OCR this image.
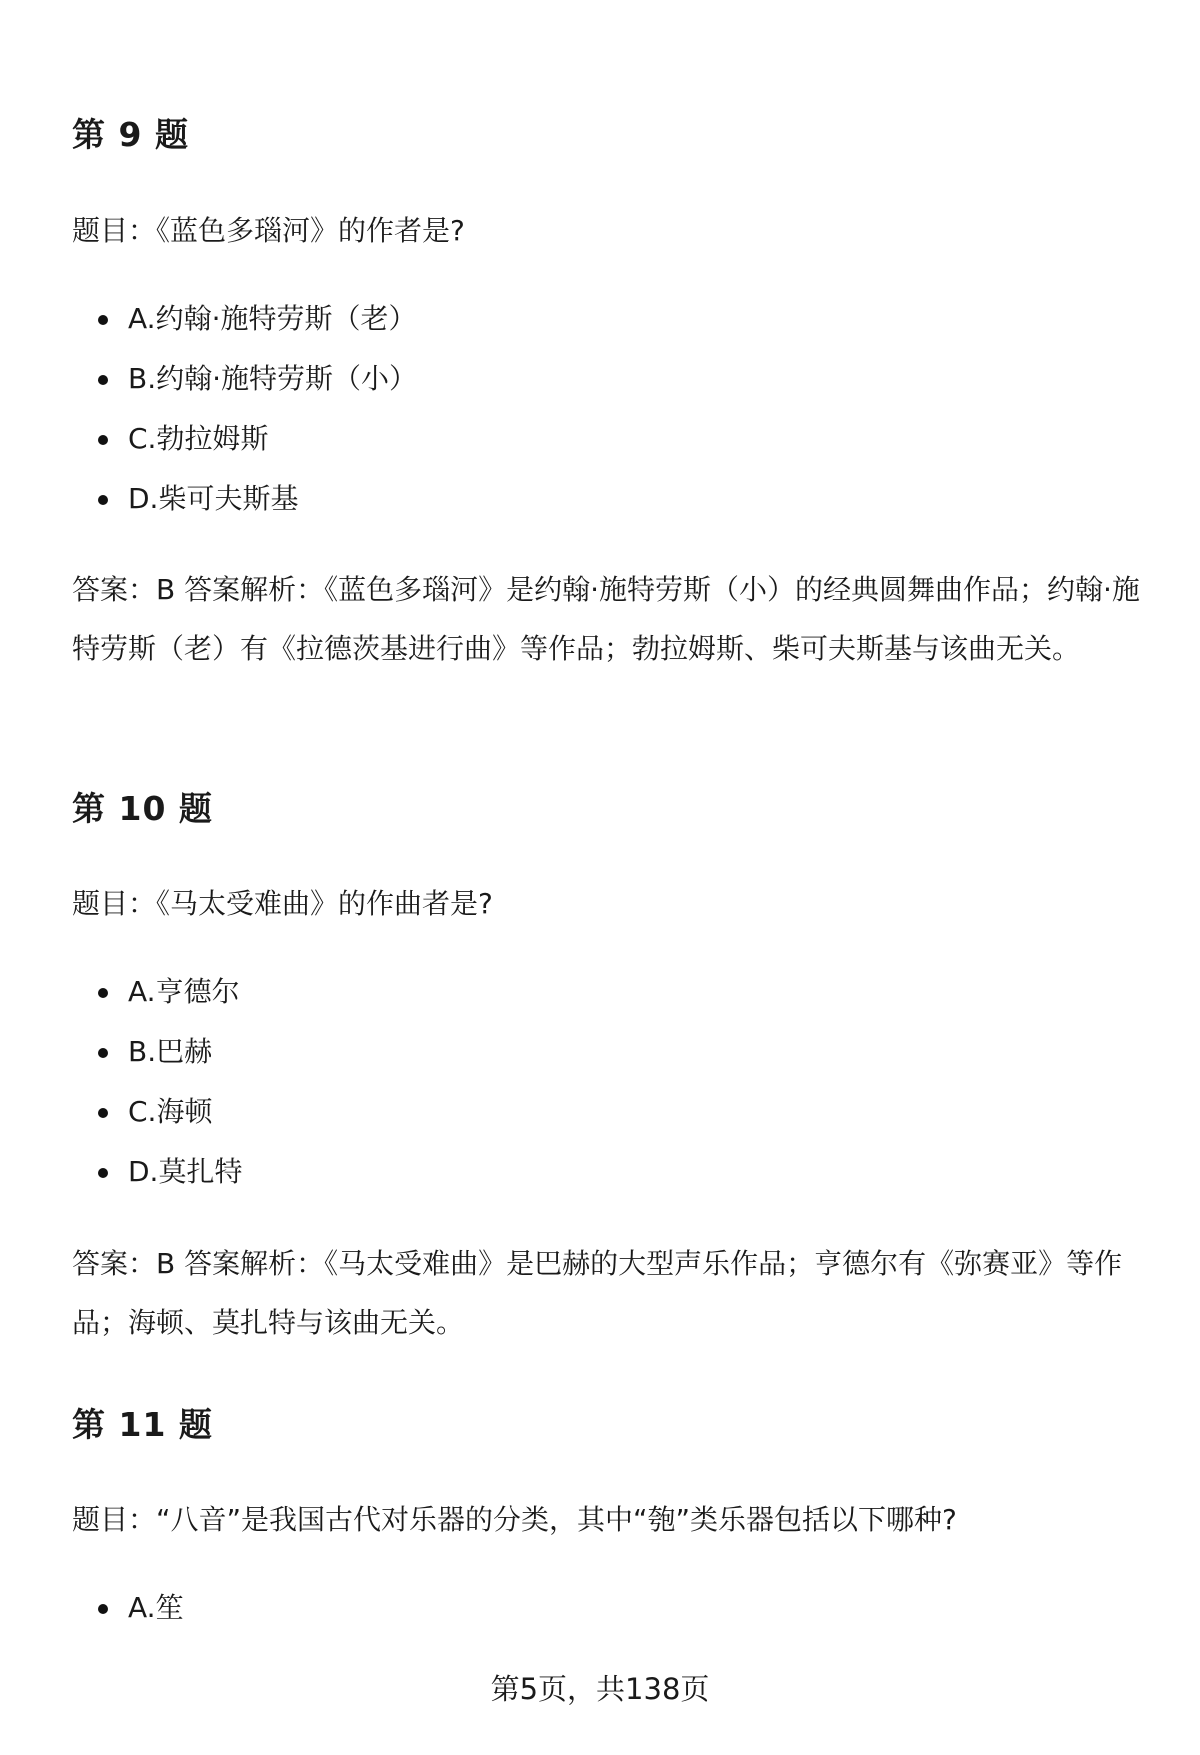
第 9 题

题目：《蓝色多瑙河》的作者是?

A.约翰·施特劳斯（老）
B.约翰·施特劳斯（小）
C.勃拉姆斯
D.柴可夫斯基

答案：B 答案解析：《蓝色多瑙河》是约翰·施特劳斯（小）的经典圆舞曲作品；约翰·施特劳斯（老）有《拉德茨基进行曲》等作品；勃拉姆斯、柴可夫斯基与该曲无关。

第 10 题

题目：《马太受难曲》的作曲者是?

A.亨德尔
B.巴赫
C.海顿
D.莫扎特

答案：B 答案解析：《马太受难曲》是巴赫的大型声乐作品；亨德尔有《弥赛亚》等作品；海顿、莫扎特与该曲无关。

第 11 题

题目：“八音”是我国古代对乐器的分类，其中“匏”类乐器包括以下哪种?

A.笙

第5页，共138页
